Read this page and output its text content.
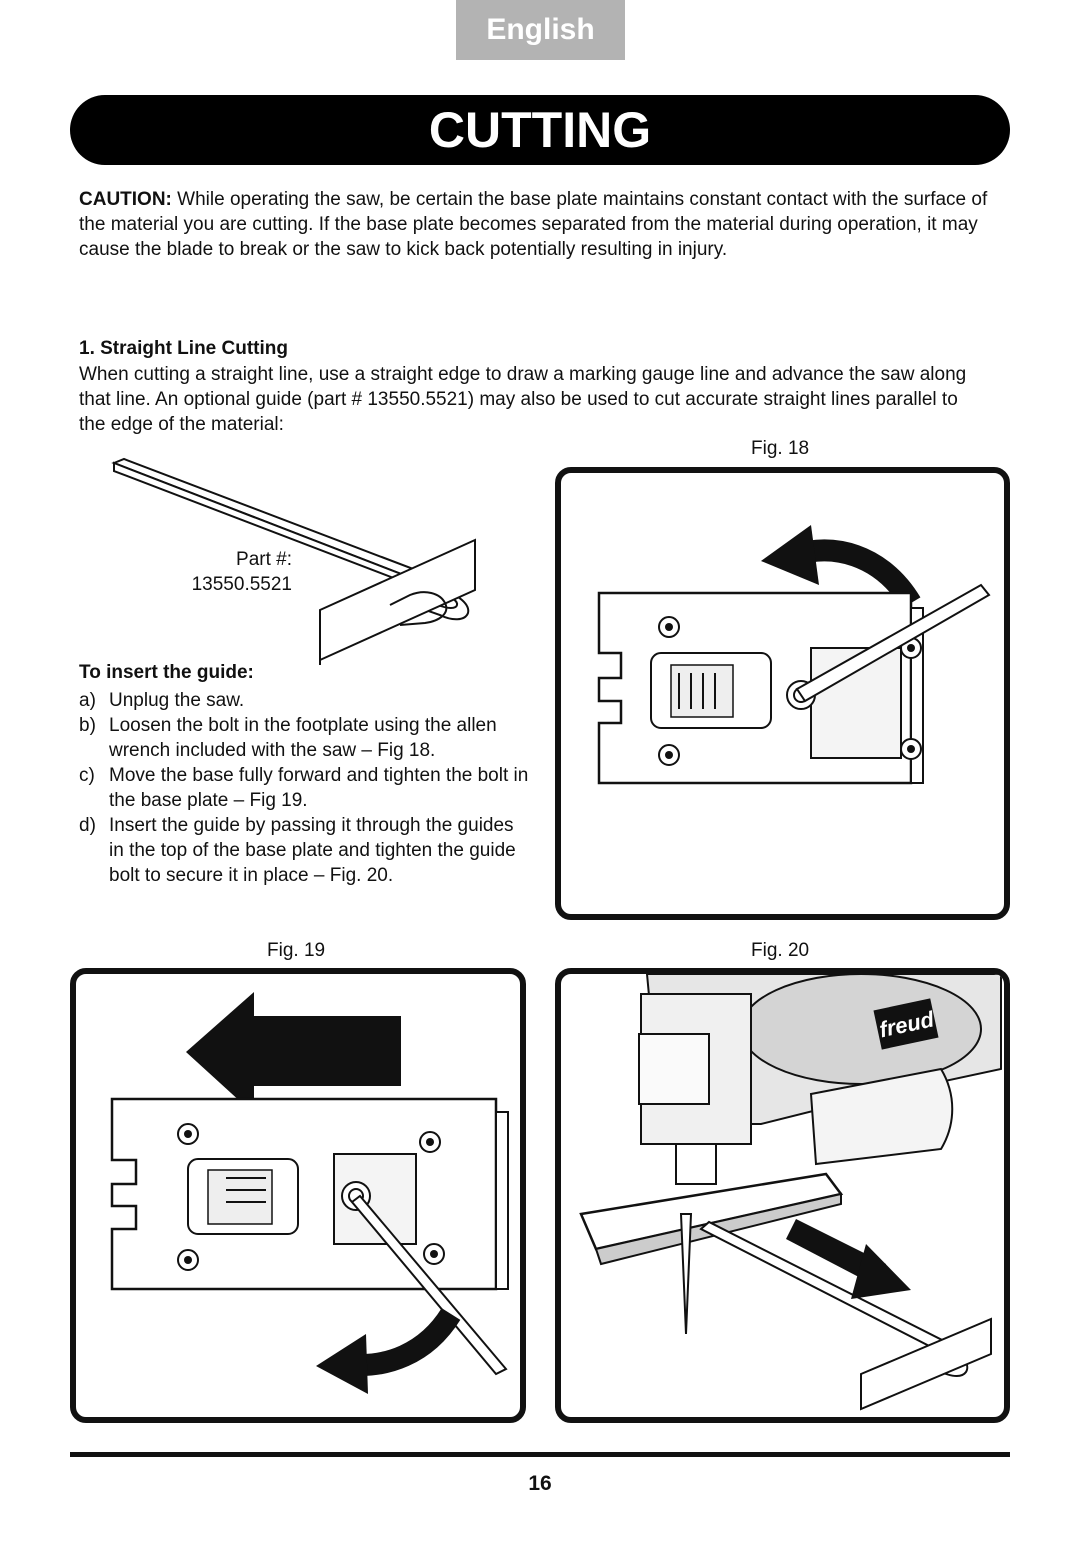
English
CUTTING

CAUTION: While operating the saw, be certain the base plate maintains constant contact with the surface of the material you are cutting. If the base plate becomes separated from the material during operation, it may cause the blade to break or the saw to kick back potentially resulting in injury.

1. Straight Line Cutting

When cutting a straight line, use a straight edge to draw a marking gauge line and advance the saw along that line. An optional guide (part # 13550.5521) may also be used to cut accurate straight lines parallel to the edge of the material:

Fig. 18
Part #:
13550.5521
To insert the guide:
a) Unplug the saw.
b) Loosen the bolt in the footplate using the allen wrench included with the saw – Fig 18.
c) Move the base fully forward and tighten the bolt in the base plate – Fig 19.
d) Insert the guide by passing it through the guides in the top of the base plate and tighten the guide bolt to secure it in place – Fig. 20.
Fig. 19	Fig. 20
freud
16
